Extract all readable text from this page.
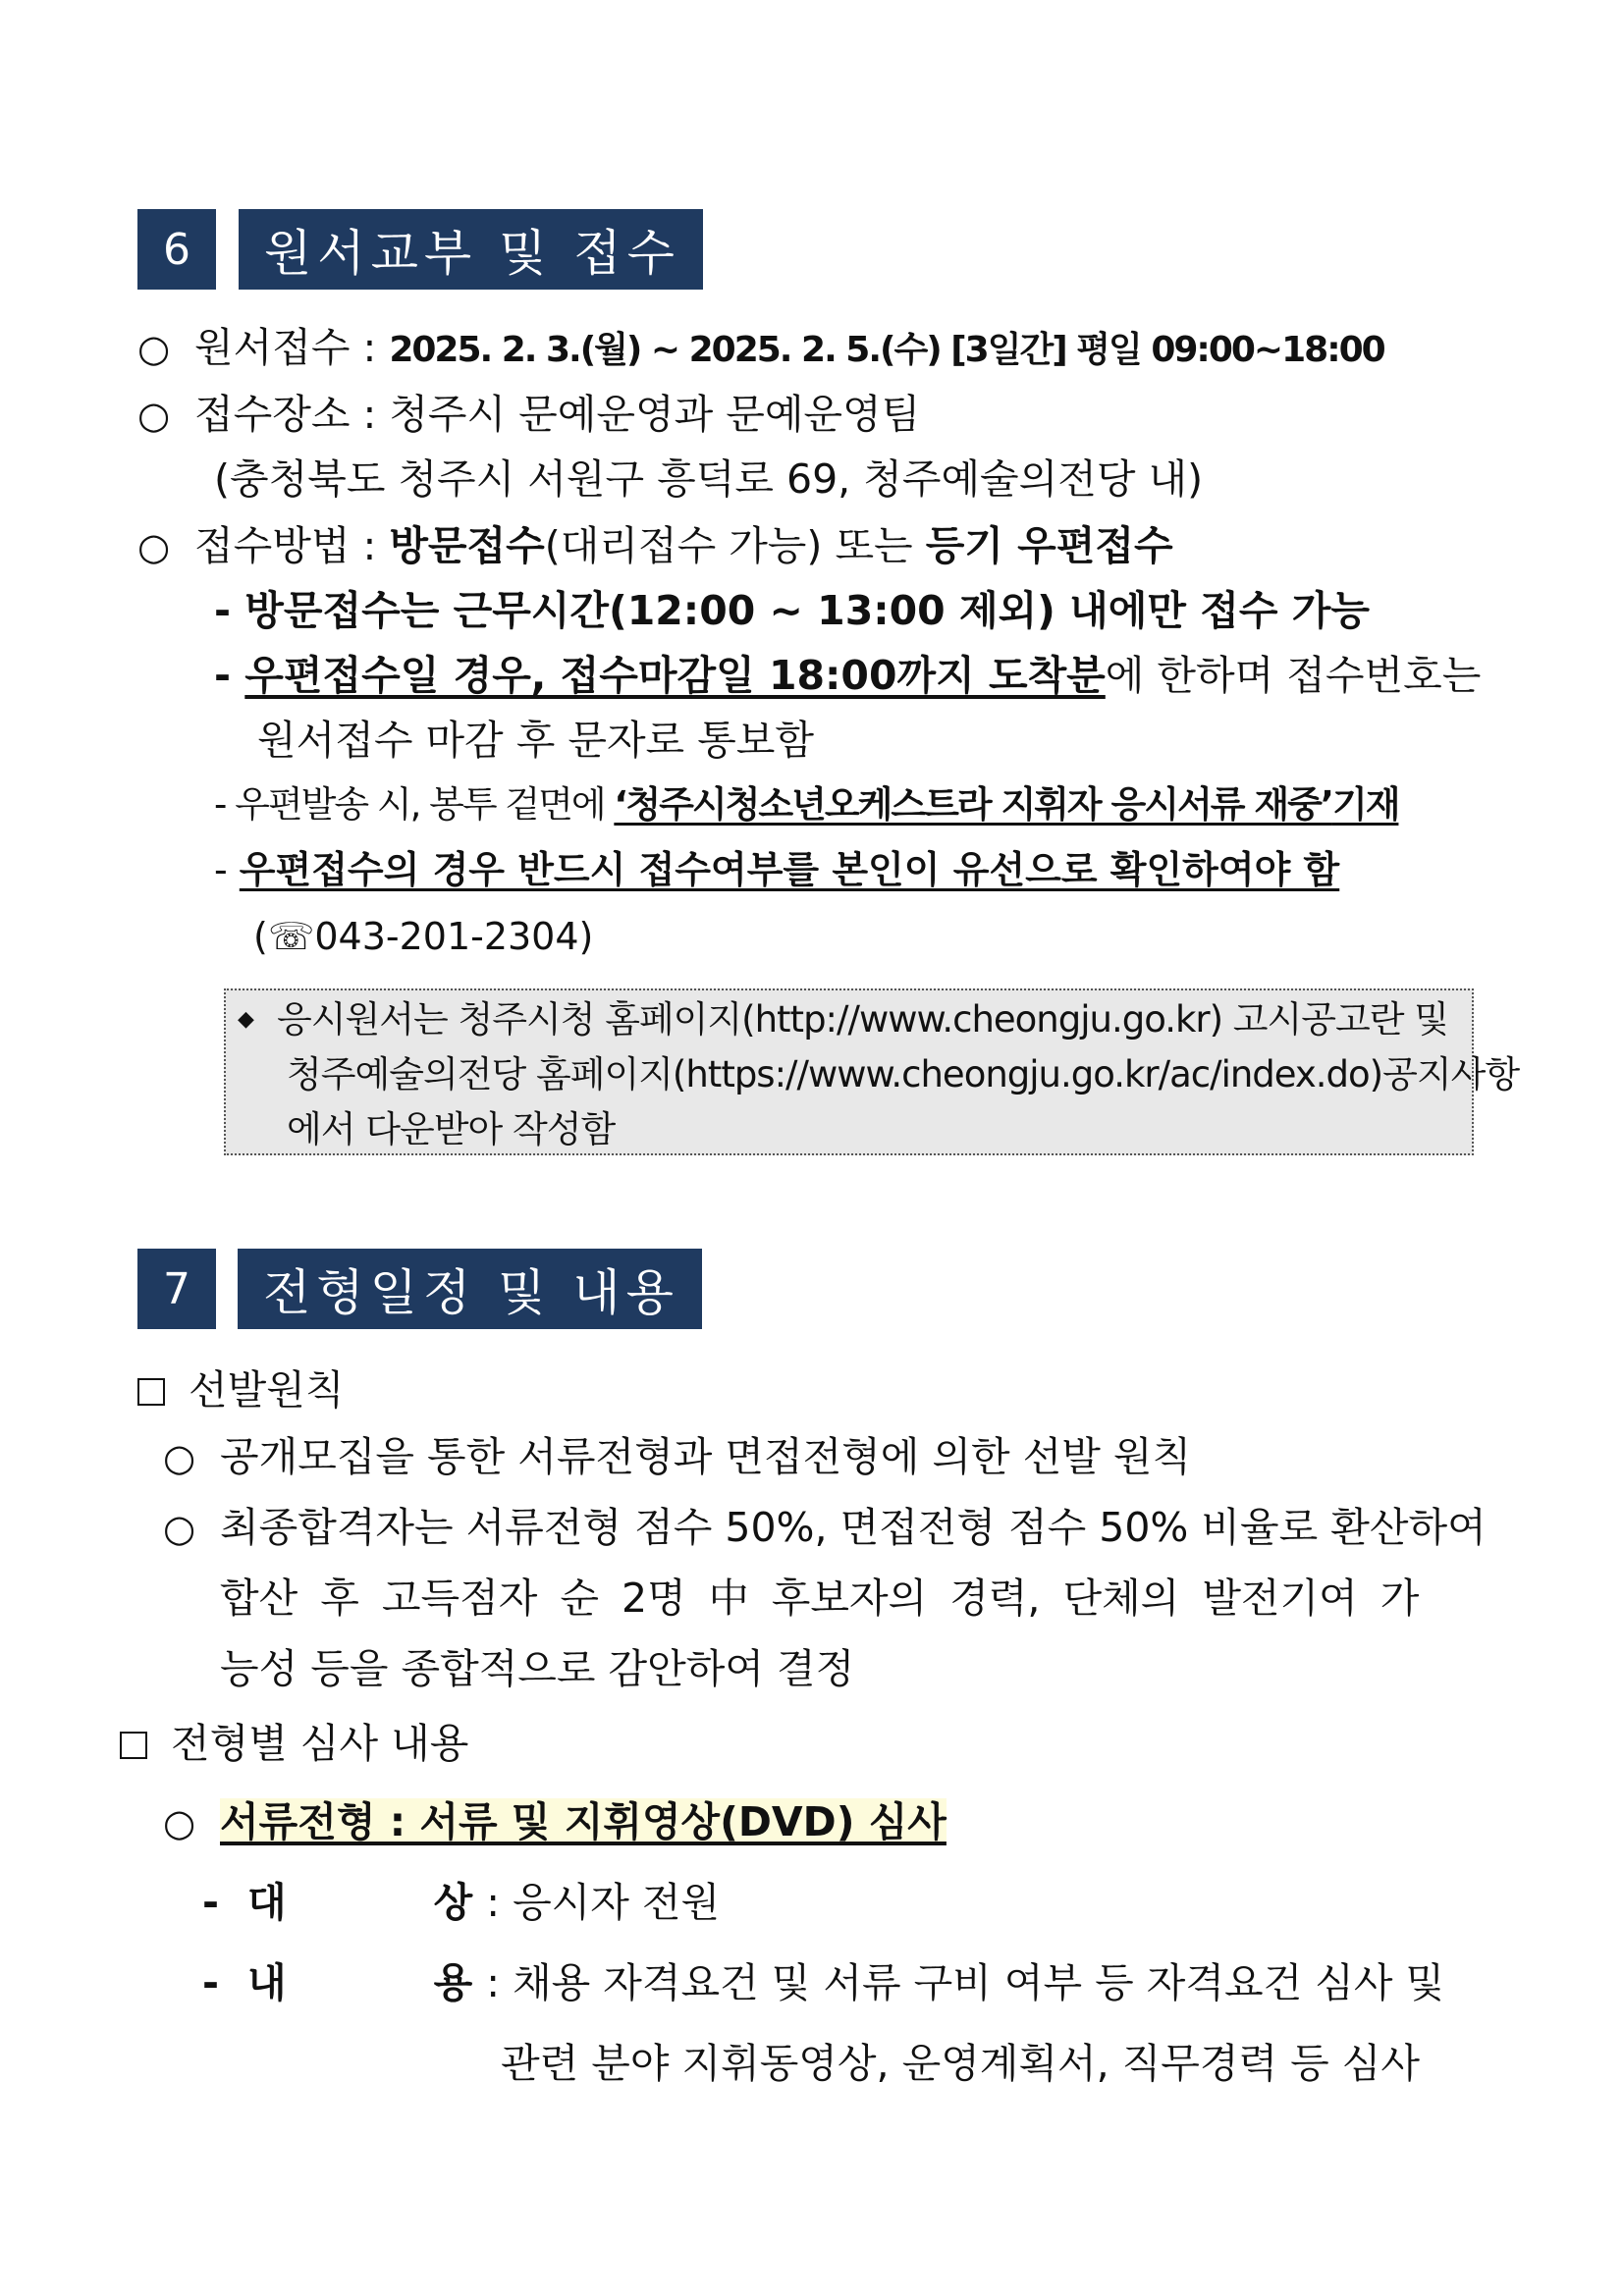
6	원서교부 및 접수
○ 원서접수 : 2025. 2. 3.(월) ~ 2025. 2. 5.(수) [3일간] 평일 09:00~18:00
○ 접수장소 : 청주시 문예운영과 문예운영팀
(충청북도 청주시 서원구 흥덕로 69, 청주예술의전당 내)
○ 접수방법 : 방문접수(대리접수 가능) 또는 등기 우편접수
- 방문접수는 근무시간(12:00 ~ 13:00 제외) 내에만 접수 가능
- 우편접수일 경우, 접수마감일 18:00까지 도착분에 한하며 접수번호는
원서접수 마감 후 문자로 통보함
- 우편발송 시, 봉투 겉면에 ‘청주시청소년오케스트라 지휘자 응시서류 재중’기재
- 우편접수의 경우 반드시 접수여부를 본인이 유선으로 확인하여야 함
(☏043-201-2304)
◆ 응시원서는 청주시청 홈페이지(http://www.cheongju.go.kr) 고시공고란 및
청주예술의전당 홈페이지(https://www.cheongju.go.kr/ac/index.do)공지사항
에서 다운받아 작성함
7	전형일정 및 내용
선발원칙
○ 공개모집을 통한 서류전형과 면접전형에 의한 선발 원칙
○ 최종합격자는 서류전형 점수 50%, 면접전형 점수 50% 비율로 환산하여
합산 후 고득점자 순 2명 中 후보자의 경력, 단체의 발전기여 가
능성 등을 종합적으로 감안하여 결정
전형별 심사 내용
○ 서류전형 : 서류 및 지휘영상(DVD) 심사
- 대	상 : 응시자 전원
- 내	용 : 채용 자격요건 및 서류 구비 여부 등 자격요건 심사 및
관련 분야 지휘동영상, 운영계획서, 직무경력 등 심사
